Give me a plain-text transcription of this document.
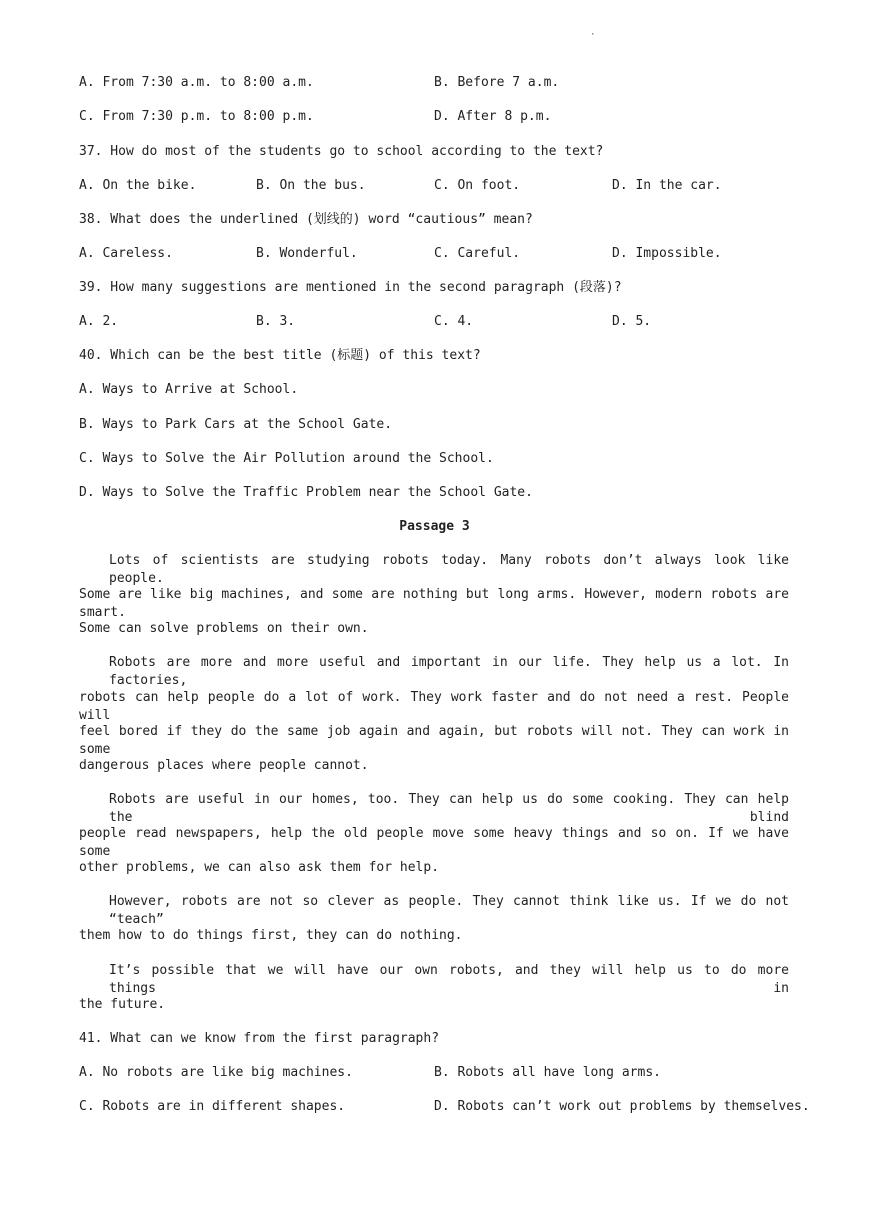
·
A. From 7:30 a.m. to 8:00 a.m.	B. Before 7 a.m.
C. From 7:30 p.m. to 8:00 p.m.	D. After 8 p.m.
37. How do most of the students go to school according to the text?
A. On the bike.	B. On the bus.	C. On foot.	D. In the car.
38. What does the underlined (划线的) word “cautious” mean?
A. Careless.	B. Wonderful.	C. Careful.	D. Impossible.
39. How many suggestions are mentioned in the second paragraph (段落)?
A. 2.	B. 3.	C. 4.	D. 5.
40. Which can be the best title (标题) of this text?
A. Ways to Arrive at School.
B. Ways to Park Cars at the School Gate.
C. Ways to Solve the Air Pollution around the School.
D. Ways to Solve the Traffic Problem near the School Gate.
Passage 3
Lots of scientists are studying robots today. Many robots don’t always look like people.
Some are like big machines, and some are nothing but long arms. However, modern robots are smart.
Some can solve problems on their own.
Robots are more and more useful and important in our life. They help us a lot. In factories,
robots can help people do a lot of work. They work faster and do not need a rest. People will
feel bored if they do the same job again and again, but robots will not. They can work in some
dangerous places where people cannot.
Robots are useful in our homes, too. They can help us do some cooking. They can help the blind
people read newspapers, help the old people move some heavy things and so on. If we have some
other problems, we can also ask them for help.
However, robots are not so clever as people. They cannot think like us. If we do not “teach”
them how to do things first, they can do nothing.
It’s possible that we will have our own robots, and they will help us to do more things in
the future.
41. What can we know from the first paragraph?
A. No robots are like big machines.	B. Robots all have long arms.
C. Robots are in different shapes.	D. Robots can’t work out problems by themselves.
